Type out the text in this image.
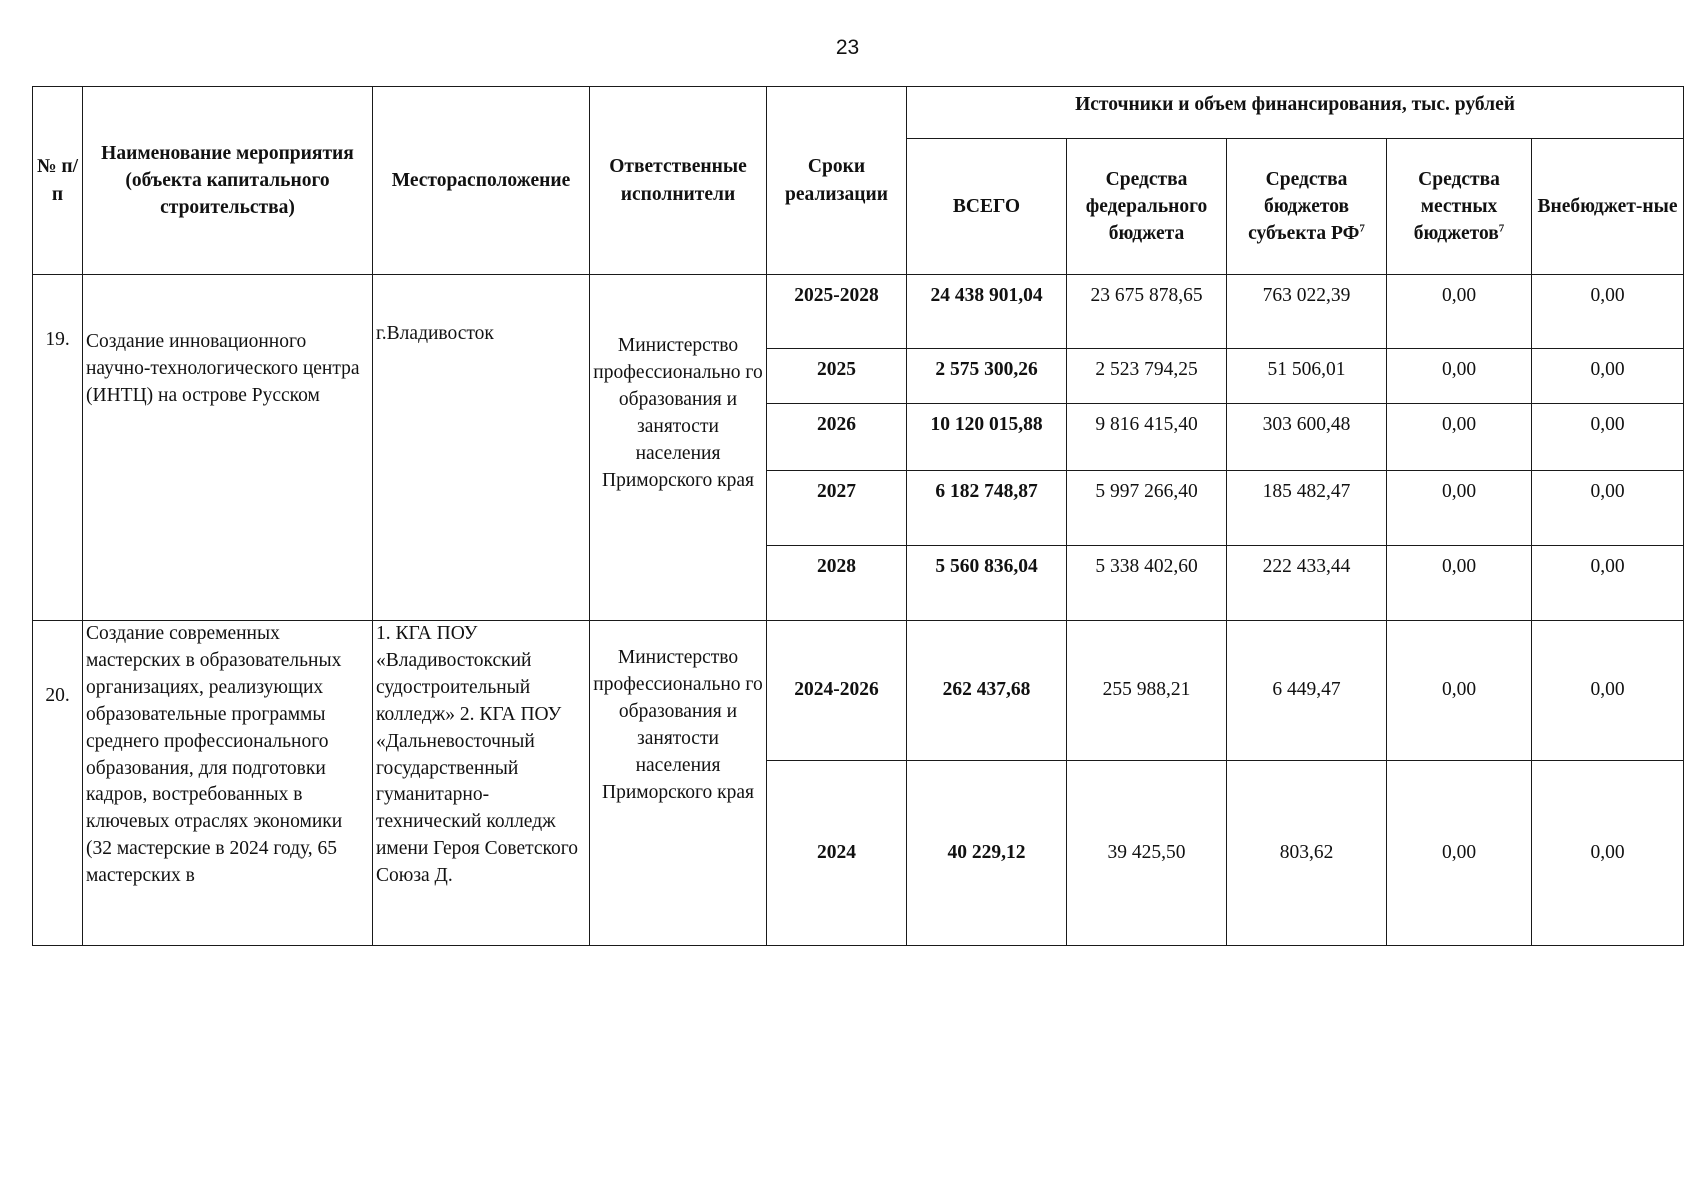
23
№ п/п	Наименование мероприятия (объекта капитального строительства)	Месторасположение	Ответственные исполнители	Сроки реализации	Источники и объем финансирования, тыс. рублей				
					ВСЕГО	Средства федерального бюджета	Средства бюджетов субъекта $РФ^7$	Средства местных бюджетов$^7$	Внебюджет-ные
19.	Создание инновационного научно-технологического центра (ИНТЦ) на острове Русском	г.Владивосток	Министерство профессионально го образования и занятости населения Приморского края	2025-2028	24 438 901,04	23 675 878,65	763 022,39	0,00	0,00
				2025	2 575 300,26	2 523 794,25	51 506,01	0,00	0,00
				2026	10 120 015,88	9 816 415,40	303 600,48	0,00	0,00
				2027	6 182 748,87	5 997 266,40	185 482,47	0,00	0,00
				2028	5 560 836,04	5 338 402,60	222 433,44	0,00	0,00
20.	Создание современных мастерских в образовательных организациях, реализующих образовательные программы среднего профессионального образования, для подготовки кадров, востребованных в ключевых отраслях экономики (32 мастерские в 2024 году, 65 мастерских в	1. КГА ПОУ «Владивостокский судостроительный колледж» 2. КГА ПОУ «Дальневосточный государственный гуманитарно-технический колледж имени Героя Советского Союза Д.	Министерство профессионально го образования и занятости населения Приморского края	2024-2026	262 437,68	255 988,21	6 449,47	0,00	0,00
				2024	40 229,12	39 425,50	803,62	0,00	0,00
